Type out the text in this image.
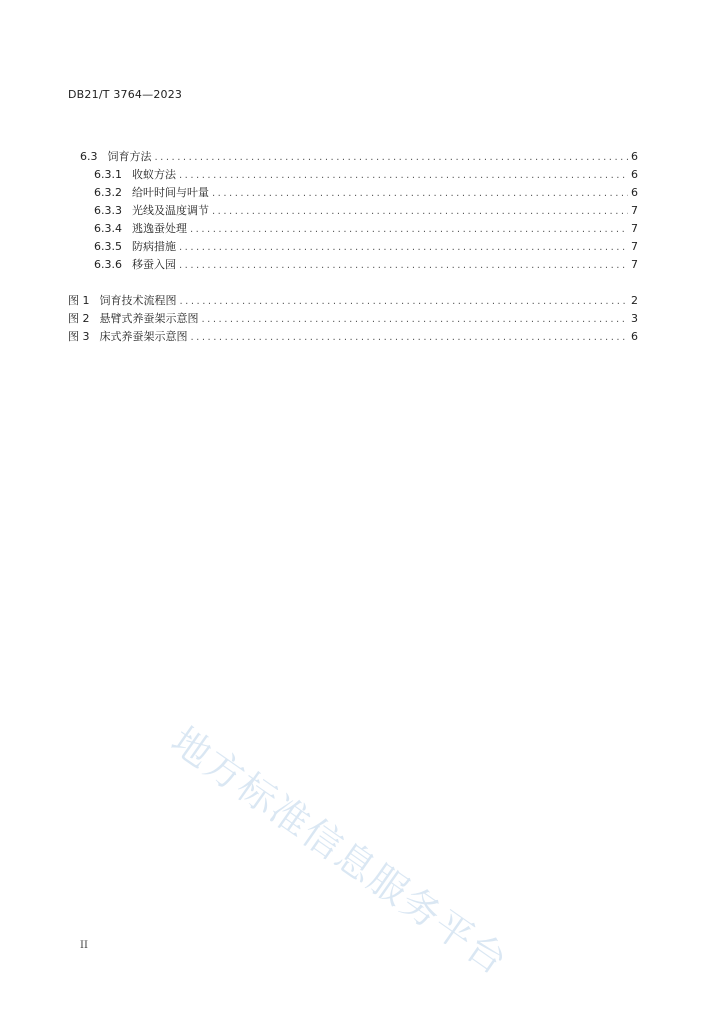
DB21/T 3764—2023
6.3 饲育方法 .....	6
6.3.1 收蚁方法 .....	6
6.3.2 给叶时间与叶量 .....	6
6.3.3 光线及温度调节 .....	7
6.3.4 逃逸蚕处理 .....	7
6.3.5 防病措施 .....	7
6.3.6 移蚕入园 .....	7
图 1 饲育技术流程图 .....	2
图 2 悬臂式养蚕架示意图 .....	3
图 3 床式养蚕架示意图 .....	6
地方标准信息服务平台
II
